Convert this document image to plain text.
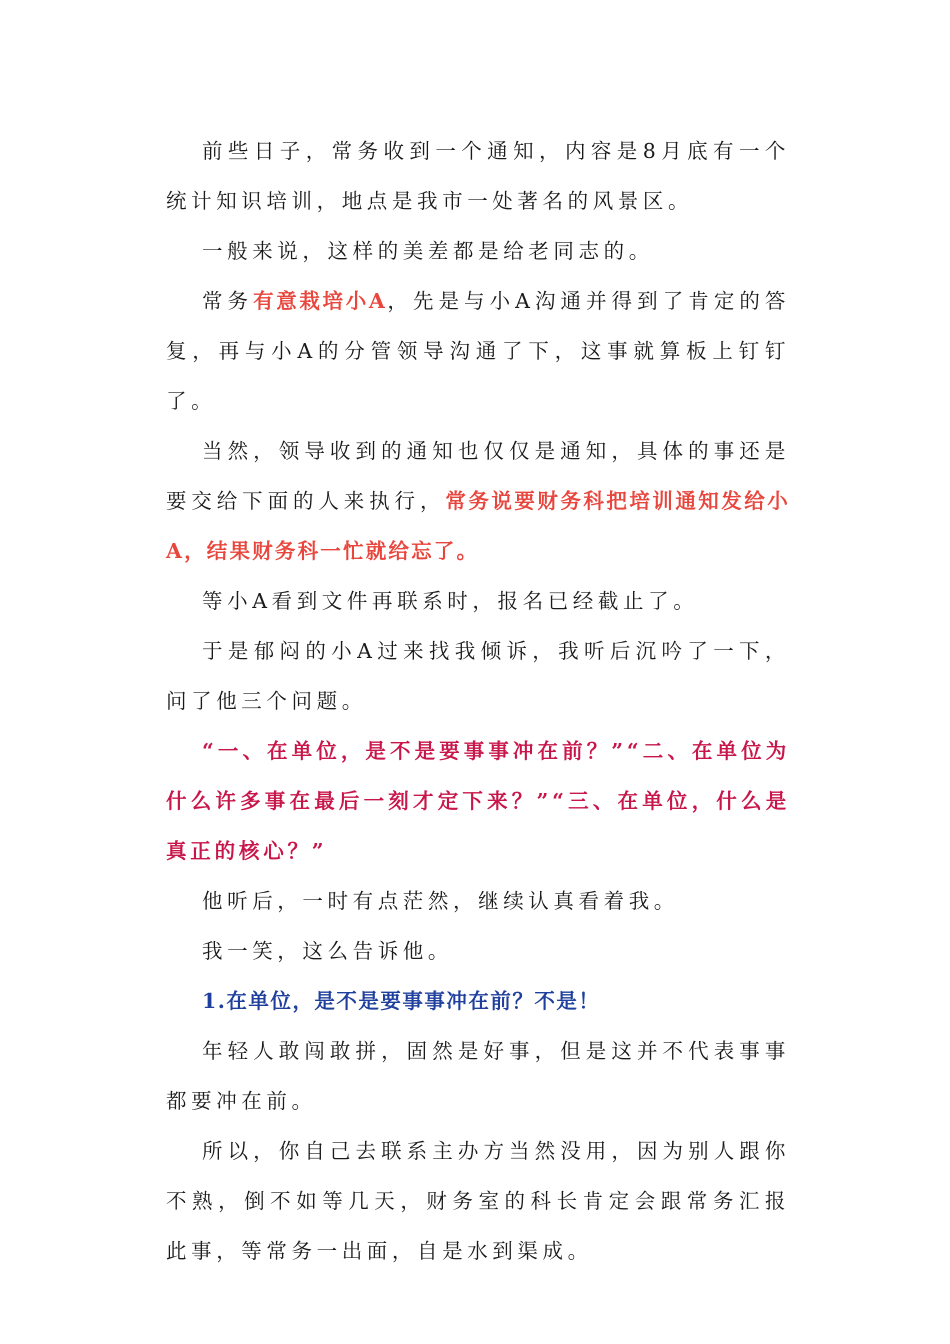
前些日子，常务收到一个通知，内容是8月底有一个统计知识培训，地点是我市一处著名的风景区。

一般来说，这样的美差都是给老同志的。

常务有意栽培小A，先是与小A沟通并得到了肯定的答复，再与小A的分管领导沟通了下，这事就算板上钉钉了。

当然，领导收到的通知也仅仅是通知，具体的事还是要交给下面的人来执行，常务说要财务科把培训通知发给小A，结果财务科一忙就给忘了。

等小A看到文件再联系时，报名已经截止了。

于是郁闷的小A过来找我倾诉，我听后沉吟了一下，问了他三个问题。

“一、在单位，是不是要事事冲在前？”“二、在单位为什么许多事在最后一刻才定下来？”“三、在单位，什么是真正的核心？”

他听后，一时有点茫然，继续认真看着我。

我一笑，这么告诉他。

1.在单位，是不是要事事冲在前？不是！

年轻人敢闯敢拼，固然是好事，但是这并不代表事事都要冲在前。

所以，你自己去联系主办方当然没用，因为别人跟你不熟，倒不如等几天，财务室的科长肯定会跟常务汇报此事，等常务一出面，自是水到渠成。
